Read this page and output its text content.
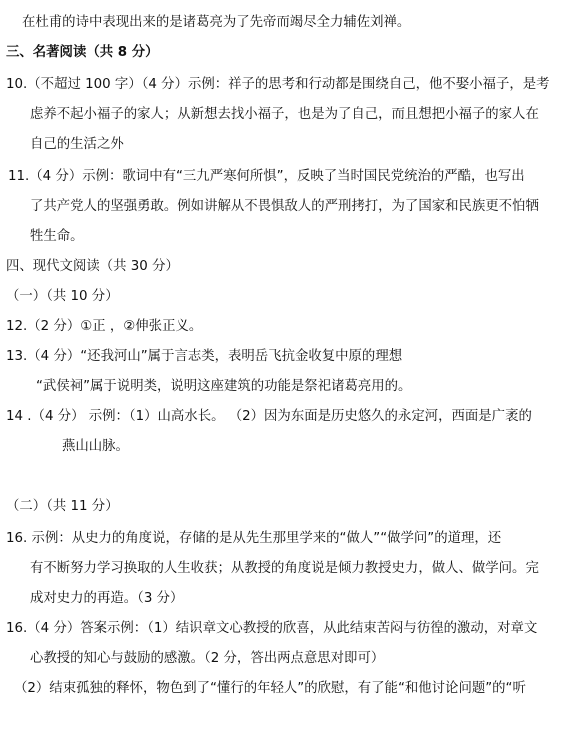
在杜甫的诗中表现出来的是诸葛亮为了先帝而竭尽全力辅佐刘禅。
三、名著阅读（共 8 分）
10.（不超过 100 字）（4 分）示例：祥子的思考和行动都是围绕自己，他不娶小福子，是考
虑养不起小福子的家人；从新想去找小福子，也是为了自己，而且想把小福子的家人在
自己的生活之外
11.（4 分）示例：歌词中有“三九严寒何所惧”，反映了当时国民党统治的严酷，也写出
了共产党人的坚强勇敢。例如讲解从不畏惧敌人的严刑拷打，为了国家和民族更不怕牺
牲生命。
四、现代文阅读（共 30 分）
（一）（共 10 分）
12.（2 分）①正 ，②伸张正义。
13.（4 分）“还我河山”属于言志类，表明岳飞抗金收复中原的理想
“武侯祠”属于说明类，说明这座建筑的功能是祭祀诸葛亮用的。
14 .（4 分） 示例：（1）山高水长。 （2）因为东面是历史悠久的永定河，西面是广袤的
燕山山脉。
（二）（共 11 分）
16. 示例：从史力的角度说，存储的是从先生那里学来的“做人”“做学问”的道理，还
有不断努力学习换取的人生收获；从教授的角度说是倾力教授史力，做人、做学问。完
成对史力的再造。（3 分）
16.（4 分）答案示例：（1）结识章文心教授的欣喜，从此结束苦闷与彷徨的激动，对章文
心教授的知心与鼓励的感激。（2 分，答出两点意思对即可）
（2）结束孤独的释怀，物色到了“懂行的年轻人”的欣慰，有了能“和他讨论问题”的“听
